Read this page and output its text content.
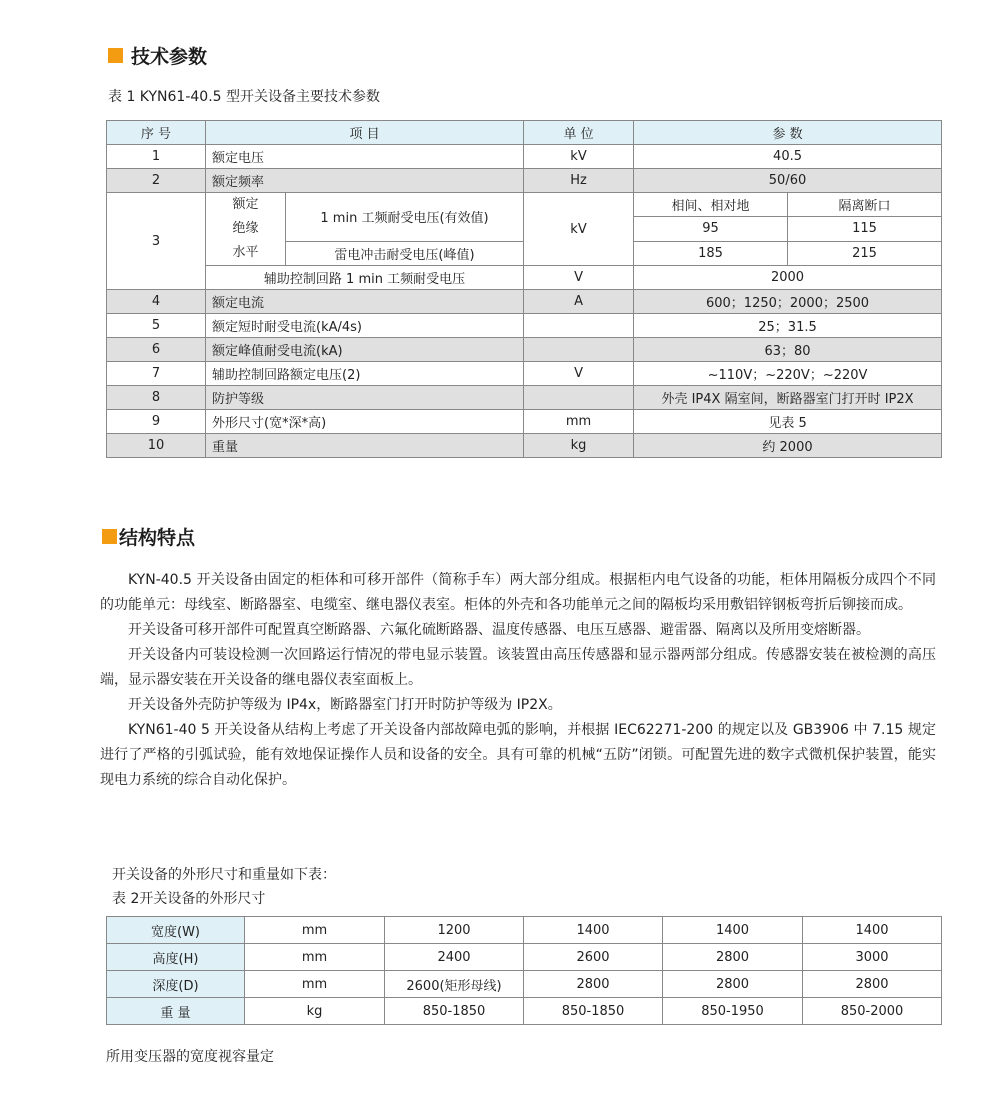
技术参数
表 1 KYN61-40.5 型开关设备主要技术参数
序 号	项 目		单 位	参 数	
1	额定电压		kV	40.5	
2	额定频率		Hz	50/60	
3	额定绝缘水平	1 min 工频耐受电压(有效值)	kV	相间、相对地	隔离断口
				95	115
		雷电冲击耐受电压(峰值)		185	215
	辅助控制回路 1 min 工频耐受电压		V	2000	
4	额定电流		A	600；1250；2000；2500	
5	额定短时耐受电流(kA/4s)			25；31.5	
6	额定峰值耐受电流(kA)			63；80	
7	辅助控制回路额定电压(2)		V	~110V；~220V；~220V	
8	防护等级			外壳 IP4X 隔室间，断路器室门打开时 IP2X	
9	外形尺寸(宽*深*高)		mm	见表 5	
10	重量		kg	约 2000	
结构特点

KYN-40.5 开关设备由固定的柜体和可移开部件（简称手车）两大部分组成。根据柜内电气设备的功能，柜体用隔板分成四个不同的功能单元：母线室、断路器室、电缆室、继电器仪表室。柜体的外壳和各功能单元之间的隔板均采用敷铝锌钢板弯折后铆接而成。

开关设备可移开部件可配置真空断路器、六氟化硫断路器、温度传感器、电压互感器、避雷器、隔离以及所用变熔断器。

开关设备内可装设检测一次回路运行情况的带电显示装置。该装置由高压传感器和显示器两部分组成。传感器安装在被检测的高压端，显示器安装在开关设备的继电器仪表室面板上。

开关设备外壳防护等级为 IP4x，断路器室门打开时防护等级为 IP2X。

KYN61-40 5 开关设备从结构上考虑了开关设备内部故障电弧的影响，并根据 IEC62271-200 的规定以及 GB3906 中 7.15 规定进行了严格的引弧试验，能有效地保证操作人员和设备的安全。具有可靠的机械“五防”闭锁。可配置先进的数字式微机保护装置，能实现电力系统的综合自动化保护。

开关设备的外形尺寸和重量如下表：
表 2开关设备的外形尺寸
宽度(W)	mm	1200	1400	1400	1400
高度(H)	mm	2400	2600	2800	3000
深度(D)	mm	2600(矩形母线)	2800	2800	2800
重 量	kg	850-1850	850-1850	850-1950	850-2000
所用变压器的宽度视容量定
